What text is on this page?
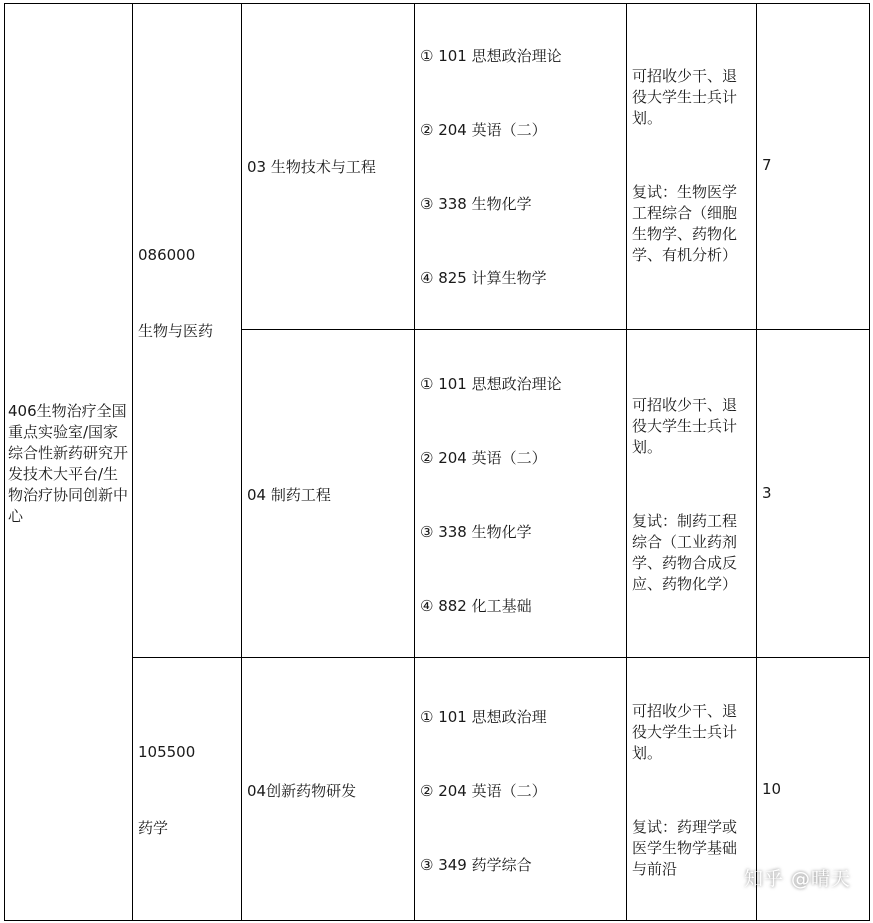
406生物治疗全国重点实验室/国家综合性新药研究开发技术大平台/生物治疗协同创新中心
086000
生物与医药
105500
药学
03 生物技术与工程
① 101 思想政治理论
② 204 英语（二）
③ 338 生物化学
④ 825 计算生物学
可招收少干、退
役大学生士兵计
划。
复试：生物医学
工程综合（细胞
生物学、药物化
学、有机分析）
7
04 制药工程
① 101 思想政治理论
② 204 英语（二）
③ 338 生物化学
④ 882 化工基础
可招收少干、退
役大学生士兵计
划。
复试：制药工程
综合（工业药剂
学、药物合成反
应、药物化学）
3
04创新药物研发
① 101 思想政治理
② 204 英语（二）
③ 349 药学综合
可招收少干、退
役大学生士兵计
划。
复试：药理学或
医学生物学基础
与前沿
10
知乎 @晴天
